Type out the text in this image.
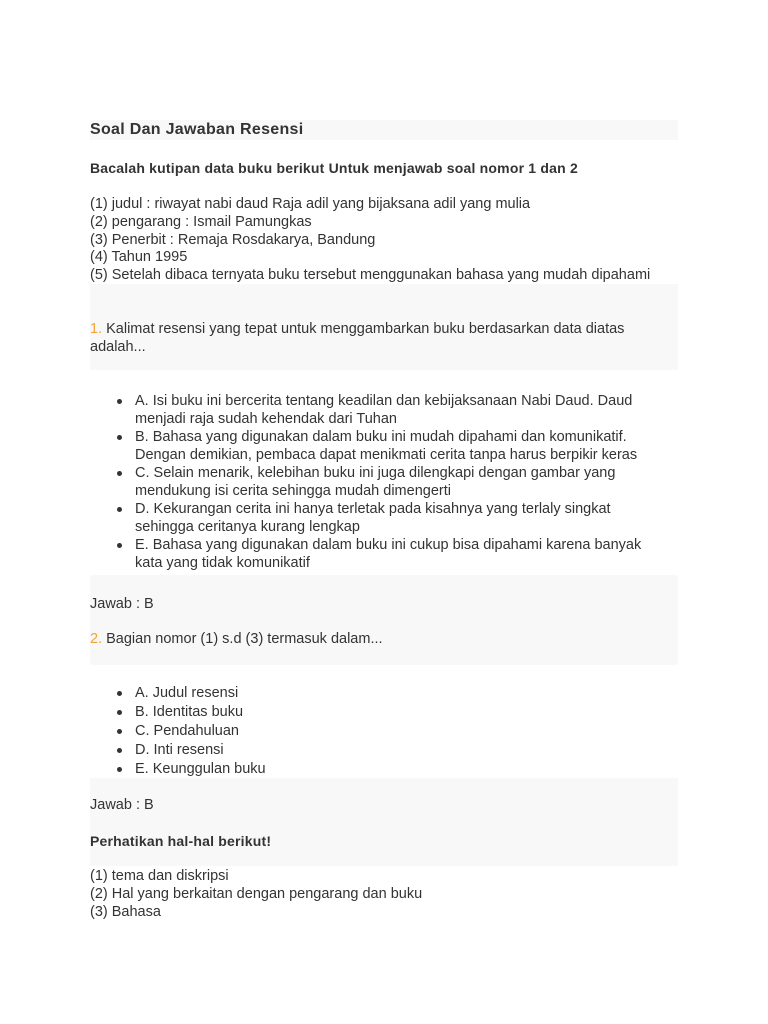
Soal Dan Jawaban Resensi
Bacalah kutipan data buku berikut Untuk menjawab soal nomor 1 dan 2
(1) judul : riwayat nabi daud Raja adil yang bijaksana adil yang mulia
(2) pengarang : Ismail Pamungkas
(3) Penerbit : Remaja Rosdakarya, Bandung
(4) Tahun 1995
(5) Setelah dibaca ternyata buku tersebut menggunakan bahasa yang mudah dipahami
1. Kalimat resensi yang tepat untuk menggambarkan buku berdasarkan data diatas adalah...
A. Isi buku ini bercerita tentang keadilan dan kebijaksanaan Nabi Daud. Daud menjadi raja sudah kehendak dari Tuhan
B. Bahasa yang digunakan dalam buku ini mudah dipahami dan komunikatif. Dengan demikian, pembaca dapat menikmati cerita tanpa harus berpikir keras
C. Selain menarik, kelebihan buku ini juga dilengkapi dengan gambar yang mendukung isi cerita sehingga mudah dimengerti
D. Kekurangan cerita ini hanya terletak pada kisahnya yang terlaly singkat sehingga ceritanya kurang lengkap
E. Bahasa yang digunakan dalam buku ini cukup bisa dipahami karena banyak kata yang tidak komunikatif
Jawab : B
2. Bagian nomor (1) s.d (3) termasuk dalam...
A. Judul resensi
B. Identitas buku
C. Pendahuluan
D. Inti resensi
E. Keunggulan buku
Jawab : B
Perhatikan hal-hal berikut!
(1) tema dan diskripsi
(2) Hal yang berkaitan dengan pengarang dan buku
(3) Bahasa
